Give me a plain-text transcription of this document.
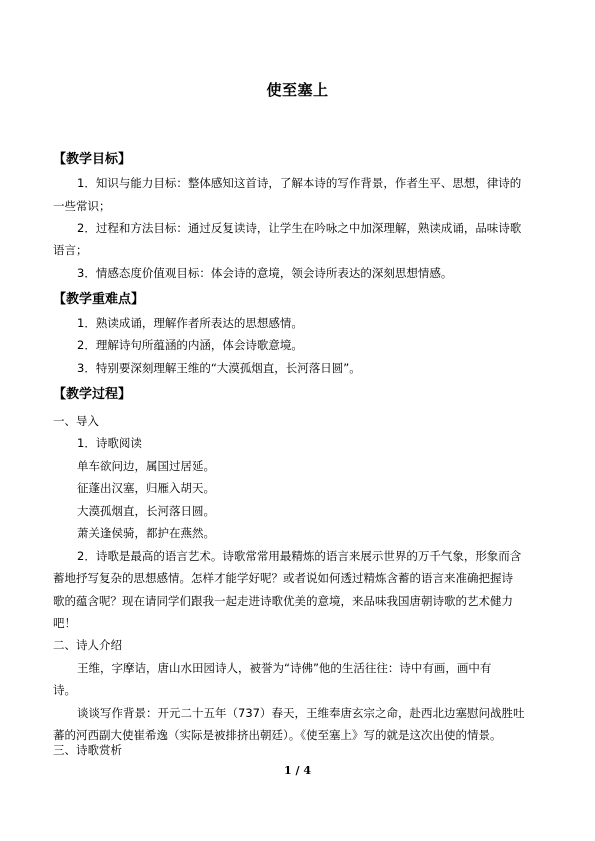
使至塞上
【教学目标】
1．知识与能力目标：整体感知这首诗，了解本诗的写作背景，作者生平、思想，律诗的
一些常识；
2．过程和方法目标：通过反复读诗，让学生在吟咏之中加深理解，熟读成诵，品味诗歌
语言；
3．情感态度价值观目标：体会诗的意境，领会诗所表达的深刻思想情感。
【教学重难点】
1．熟读成诵，理解作者所表达的思想感情。
2．理解诗句所蕴涵的内涵，体会诗歌意境。
3．特别要深刻理解王维的“大漠孤烟直，长河落日圆”。
【教学过程】
一、导入
1．诗歌阅读
单车欲问边，属国过居延。
征蓬出汉塞，归雁入胡天。
大漠孤烟直，长河落日圆。
萧关逢侯骑，都护在燕然。
2．诗歌是最高的语言艺术。诗歌常常用最精炼的语言来展示世界的万千气象，形象而含
蓄地抒写复杂的思想感情。怎样才能学好呢？或者说如何透过精炼含蓄的语言来准确把握诗
歌的蕴含呢？现在请同学们跟我一起走进诗歌优美的意境，来品味我国唐朝诗歌的艺术健力
吧！
二、诗人介绍
王维，字摩诘，唐山水田园诗人，被誉为“诗佛”他的生活往往：诗中有画，画中有
诗。
谈谈写作背景：开元二十五年（737）春天，王维奉唐玄宗之命，赴西北边塞慰问战胜吐
蕃的河西副大使崔希逸（实际是被排挤出朝廷）。《使至塞上》写的就是这次出使的情景。
三、诗歌赏析
1 / 4
